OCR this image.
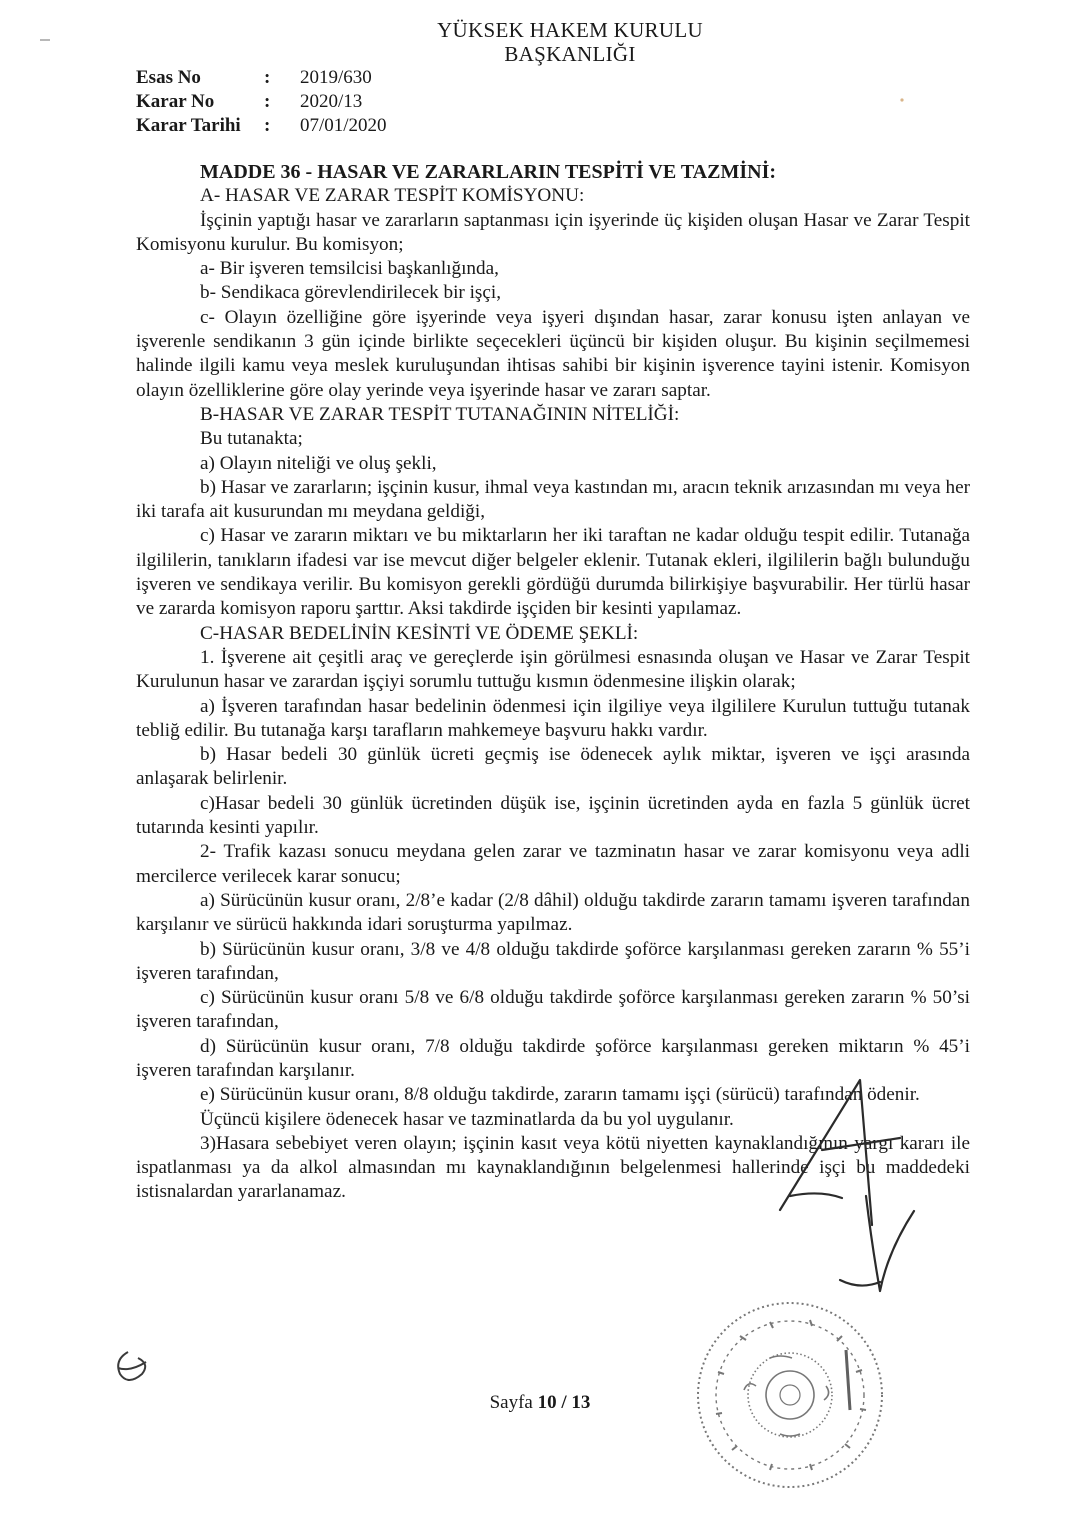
YÜKSEK HAKEM KURULU
BAŞKANLIĞI
Esas No	:	2019/630
Karar No	:	2020/13
Karar Tarihi	:	07/01/2020

MADDE 36 - HASAR VE ZARARLARIN TESPİTİ VE TAZMİNİ:

A- HASAR VE ZARAR TESPİT KOMİSYONU:

İşçinin yaptığı hasar ve zararların saptanması için işyerinde üç kişiden oluşan Hasar ve Zarar Tespit Komisyonu kurulur. Bu komisyon;

a- Bir işveren temsilcisi başkanlığında,

b- Sendikaca görevlendirilecek bir işçi,

c- Olayın özelliğine göre işyerinde veya işyeri dışından hasar, zarar konusu işten anlayan ve işverenle sendikanın 3 gün içinde birlikte seçecekleri üçüncü bir kişiden oluşur. Bu kişinin seçilmemesi halinde ilgili kamu veya meslek kuruluşundan ihtisas sahibi bir kişinin işverence tayini istenir. Komisyon olayın özelliklerine göre olay yerinde veya işyerinde hasar ve zararı saptar.

B-HASAR VE ZARAR TESPİT TUTANAĞININ NİTELİĞİ:

Bu tutanakta;

a) Olayın niteliği ve oluş şekli,

b) Hasar ve zararların; işçinin kusur, ihmal veya kastından mı, aracın teknik arızasından mı veya her iki tarafa ait kusurundan mı meydana geldiği,

c) Hasar ve zararın miktarı ve bu miktarların her iki taraftan ne kadar olduğu tespit edilir. Tutanağa ilgililerin, tanıkların ifadesi var ise mevcut diğer belgeler eklenir. Tutanak ekleri, ilgililerin bağlı bulunduğu işveren ve sendikaya verilir. Bu komisyon gerekli gördüğü durumda bilirkişiye başvurabilir. Her türlü hasar ve zararda komisyon raporu şarttır. Aksi takdirde işçiden bir kesinti yapılamaz.

C-HASAR BEDELİNİN KESİNTİ VE ÖDEME ŞEKLİ:

1. İşverene ait çeşitli araç ve gereçlerde işin görülmesi esnasında oluşan ve Hasar ve Zarar Tespit Kurulunun hasar ve zarardan işçiyi sorumlu tuttuğu kısmın ödenmesine ilişkin olarak;

a) İşveren tarafından hasar bedelinin ödenmesi için ilgiliye veya ilgililere Kurulun tuttuğu tutanak tebliğ edilir. Bu tutanağa karşı tarafların mahkemeye başvuru hakkı vardır.

b) Hasar bedeli 30 günlük ücreti geçmiş ise ödenecek aylık miktar, işveren ve işçi arasında anlaşarak belirlenir.

c)Hasar bedeli 30 günlük ücretinden düşük ise, işçinin ücretinden ayda en fazla 5 günlük ücret tutarında kesinti yapılır.

2- Trafik kazası sonucu meydana gelen zarar ve tazminatın hasar ve zarar komisyonu veya adli mercilerce verilecek karar sonucu;

a) Sürücünün kusur oranı, 2/8’e kadar (2/8 dâhil) olduğu takdirde zararın tamamı işveren tarafından karşılanır ve sürücü hakkında idari soruşturma yapılmaz.

b) Sürücünün kusur oranı, 3/8 ve 4/8 olduğu takdirde şoförce karşılanması gereken zararın % 55’i işveren tarafından,

c) Sürücünün kusur oranı 5/8 ve 6/8 olduğu takdirde şoförce karşılanması gereken zararın % 50’si işveren tarafından,

d) Sürücünün kusur oranı, 7/8 olduğu takdirde şoförce karşılanması gereken miktarın % 45’i işveren tarafından karşılanır.

e) Sürücünün kusur oranı, 8/8 olduğu takdirde, zararın tamamı işçi (sürücü) tarafından ödenir.

Üçüncü kişilere ödenecek hasar ve tazminatlarda da bu yol uygulanır.

3)Hasara sebebiyet veren olayın; işçinin kasıt veya kötü niyetten kaynaklandığının yargı kararı ile ispatlanması ya da alkol almasından mı kaynaklandığının belgelenmesi hallerinde işçi bu maddedeki istisnalardan yararlanamaz.

Sayfa 10 / 13
